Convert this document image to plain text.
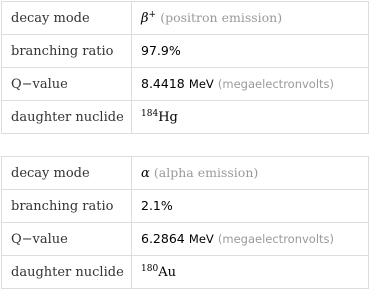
decay mode	β+ (positron emission)
branching ratio	97.9%
Q−value	8.4418 MeV (megaelectronvolts)
daughter nuclide	$^{184}$Hg
decay mode	α (alpha emission)
branching ratio	2.1%
Q−value	6.2864 MeV (megaelectronvolts)
daughter nuclide	$^{180}$Au
